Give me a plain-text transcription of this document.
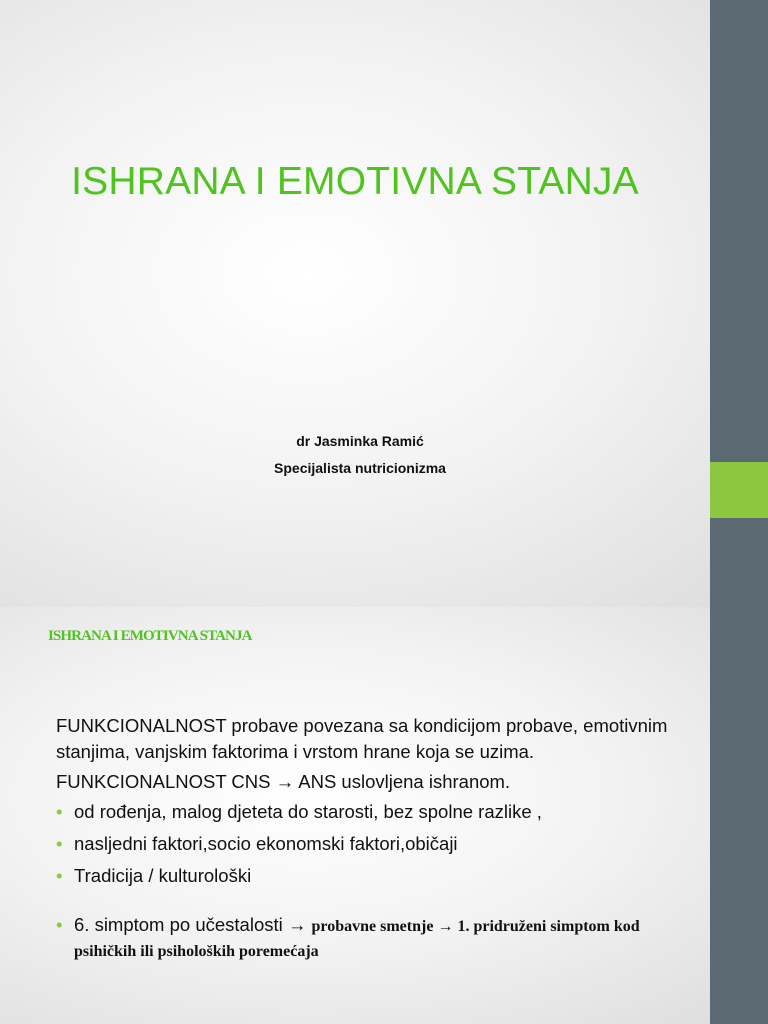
ISHRANA I EMOTIVNA STANJA
dr Jasminka Ramić
Specijalista nutricionizma
ISHRANA I EMOTIVNA STANJA

FUNKCIONALNOST probave povezana sa kondicijom probave, emotivnim stanjima, vanjskim faktorima i vrstom hrane koja se uzima.

FUNKCIONALNOST CNS → ANS uslovljena ishranom.

• od rođenja, malog djeteta do starosti, bez spolne razlike ,
• nasljedni faktori,socio ekonomski faktori,običaji
• Tradicija / kulturološki
• 6. simptom po učestalosti → probavne smetnje → 1. pridruženi simptom kod psihičkih ili psiholoških poremećaja
